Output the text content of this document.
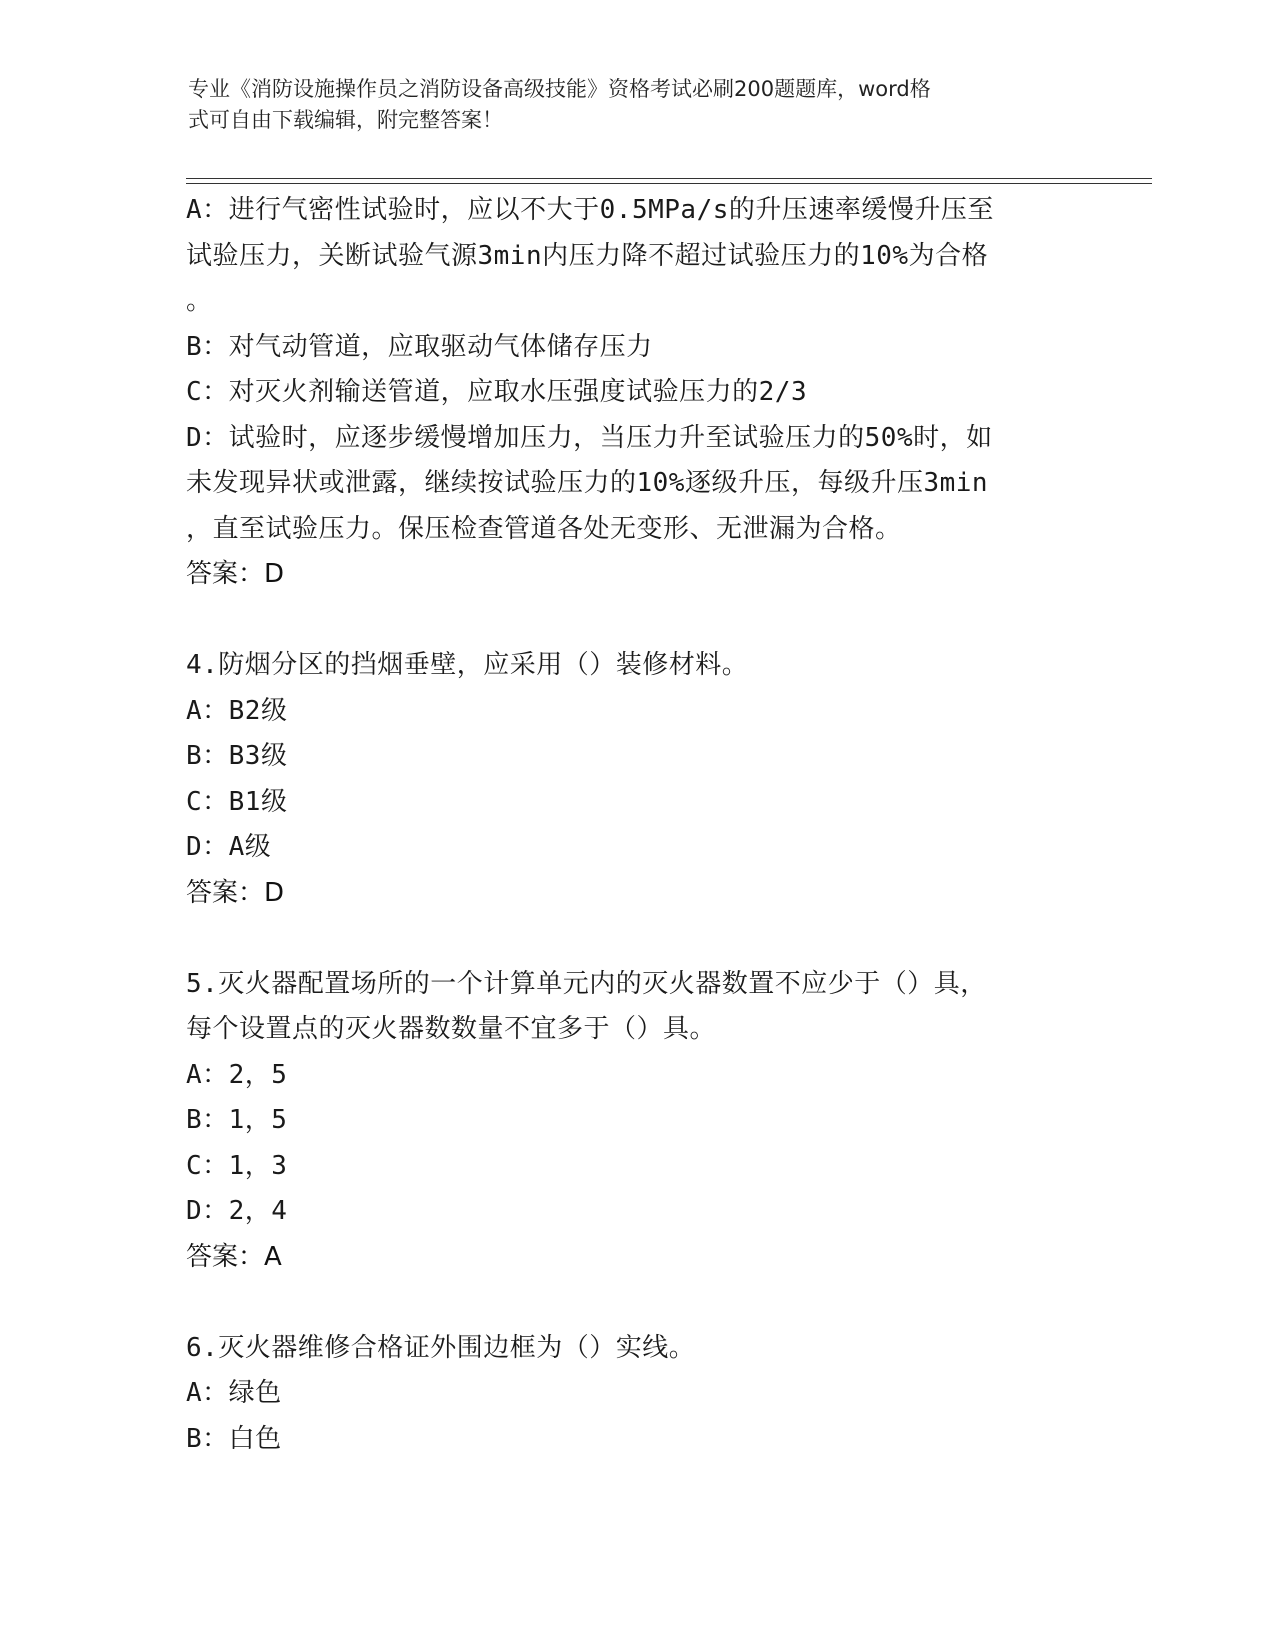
专业《消防设施操作员之消防设备高级技能》资格考试必刷200题题库，word格
式可自由下载编辑，附完整答案！

A：进行气密性试验时，应以不大于0.5MPa/s的升压速率缓慢升压至

试验压力，关断试验气源3min内压力降不超过试验压力的10%为合格

。

B：对气动管道，应取驱动气体储存压力

C：对灭火剂输送管道，应取水压强度试验压力的2/3

D：试验时，应逐步缓慢增加压力，当压力升至试验压力的50%时，如

未发现异状或泄露，继续按试验压力的10%逐级升压，每级升压3min

，直至试验压力。保压检查管道各处无变形、无泄漏为合格。

答案：D

4.防烟分区的挡烟垂壁，应采用（）装修材料。

A：B2级

B：B3级

C：B1级

D：A级

答案：D

5.灭火器配置场所的一个计算单元内的灭火器数置不应少于（）具，

每个设置点的灭火器数数量不宜多于（）具。

A：2，5

B：1，5

C：1，3

D：2，4

答案：A

6.灭火器维修合格证外围边框为（）实线。

A：绿色

B：白色
